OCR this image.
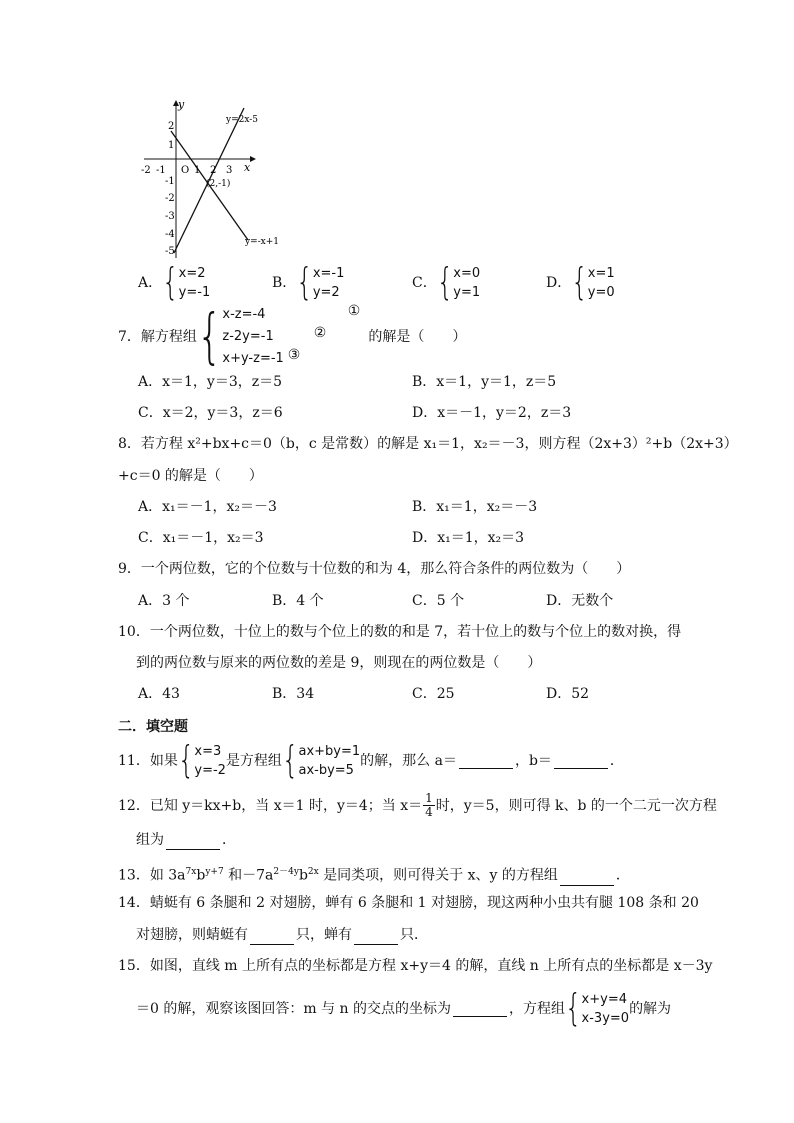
y
x
O
-2 -1	1 2 3
2
1
-1
-2
-3
-4
-5
y=2x-5
y=-x+1
(2,-1)
A． { x=2
y=-1
B． { x=-1
y=2
C． { x=0
y=1
D． { x=1
y=0
7．解方程组 { x-z=-4
z-2y=-1
x+y-z=-1
①
②
③
的解是（　　）
A．x＝1，y＝3，z＝5	B．x＝1，y＝1，z＝5
C．x＝2，y＝3，z＝6	D．x＝－1，y＝2，z＝3
8．若方程 x²+bx+c＝0（b，c 是常数）的解是 x₁＝1，x₂＝－3，则方程（2x+3）²+b（2x+3）
+c＝0 的解是（　　）
A．x₁＝－1，x₂＝－3	B．x₁＝1，x₂＝－3
C．x₁＝－1，x₂＝3	D．x₁＝1，x₂＝3
9．一个两位数，它的个位数与十位数的和为 4，那么符合条件的两位数为（　　）
A．3 个	B．4 个	C．5 个	D．无数个
10．一个两位数，十位上的数与个位上的数的和是 7，若十位上的数与个位上的数对换，得
到的两位数与原来的两位数的差是 9，则现在的两位数是（　　）
A．43	B．34	C．25	D．52
二．填空题
11．如果 { x=3
y=-2
是方程组 { ax+by=1
ax-by=5
的解，那么 a＝	，b＝	．
12．已知 y＝kx+b，当 x＝1 时，y＝4；当 $x= \frac{1}{4}$ 时，y＝5，则可得 k、b 的一个二元一次方程
组为	．
13．如 $3a^{7x}b^{y+7}$ 和$-7a^{2-4y}b^{2x}$ 是同类项，则可得关于 x、y 的方程组	．
14．蜻蜓有 6 条腿和 2 对翅膀，蝉有 6 条腿和 1 对翅膀，现这两种小虫共有腿 108 条和 20
对翅膀，则蜻蜓有	只，蝉有	只．
15．如图，直线 m 上所有点的坐标都是方程 x+y＝4 的解，直线 n 上所有点的坐标都是 x－3y
＝0 的解，观察该图回答：m 与 n 的交点的坐标为	，方程组 { x+y=4
x-3y=0
的解为
